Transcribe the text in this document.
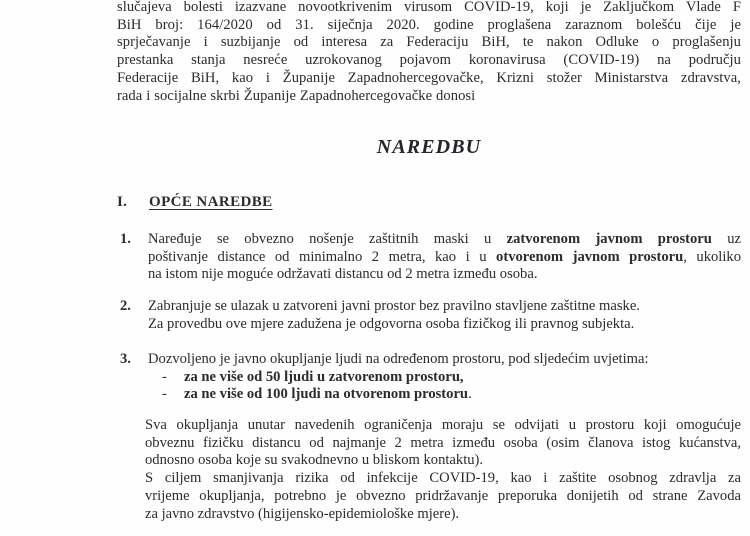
slučajeva bolesti izazvane novootkrivenim virusom COVID-19, koji je Zaključkom Vlade F
BiH broj: 164/2020 od 31. siječnja 2020. godine proglašena zaraznom bolešću čije je
sprječavanje i suzbijanje od interesa za Federaciju BiH, te nakon Odluke o proglašenju
prestanka stanja nesreće uzrokovanog pojavom koronavirusa (COVID-19) na području
Federacije BiH, kao i Županije Zapadnohercegovačke, Krizni stožer Ministarstva zdravstva,
rada i socijalne skrbi Županije Zapadnohercegovačke donosi
NAREDBU
I.	OPĆE NAREDBE
1.	Naređuje se obvezno nošenje zaštitnih maski u zatvorenom javnom prostoru uz
poštivanje distance od minimalno 2 metra, kao i u otvorenom javnom prostoru, ukoliko
na istom nije moguće održavati distancu od 2 metra između osoba.
2.	Zabranjuje se ulazak u zatvoreni javni prostor bez pravilno stavljene zaštitne maske.
Za provedbu ove mjere zadužena je odgovorna osoba fizičkog ili pravnog subjekta.
3.	Dozvoljeno je javno okupljanje ljudi na određenom prostoru, pod sljedećim uvjetima:
-	za ne više od 50 ljudi u zatvorenom prostoru,
-	za ne više od 100 ljudi na otvorenom prostoru.
Sva okupljanja unutar navedenih ograničenja moraju se odvijati u prostoru koji omogućuje
obveznu fizičku distancu od najmanje 2 metra između osoba (osim članova istog kućanstva,
odnosno osoba koje su svakodnevno u bliskom kontaktu).
S ciljem smanjivanja rizika od infekcije COVID-19, kao i zaštite osobnog zdravlja za
vrijeme okupljanja, potrebno je obvezno pridržavanje preporuka donijetih od strane Zavoda
za javno zdravstvo (higijensko-epidemiološke mjere).
